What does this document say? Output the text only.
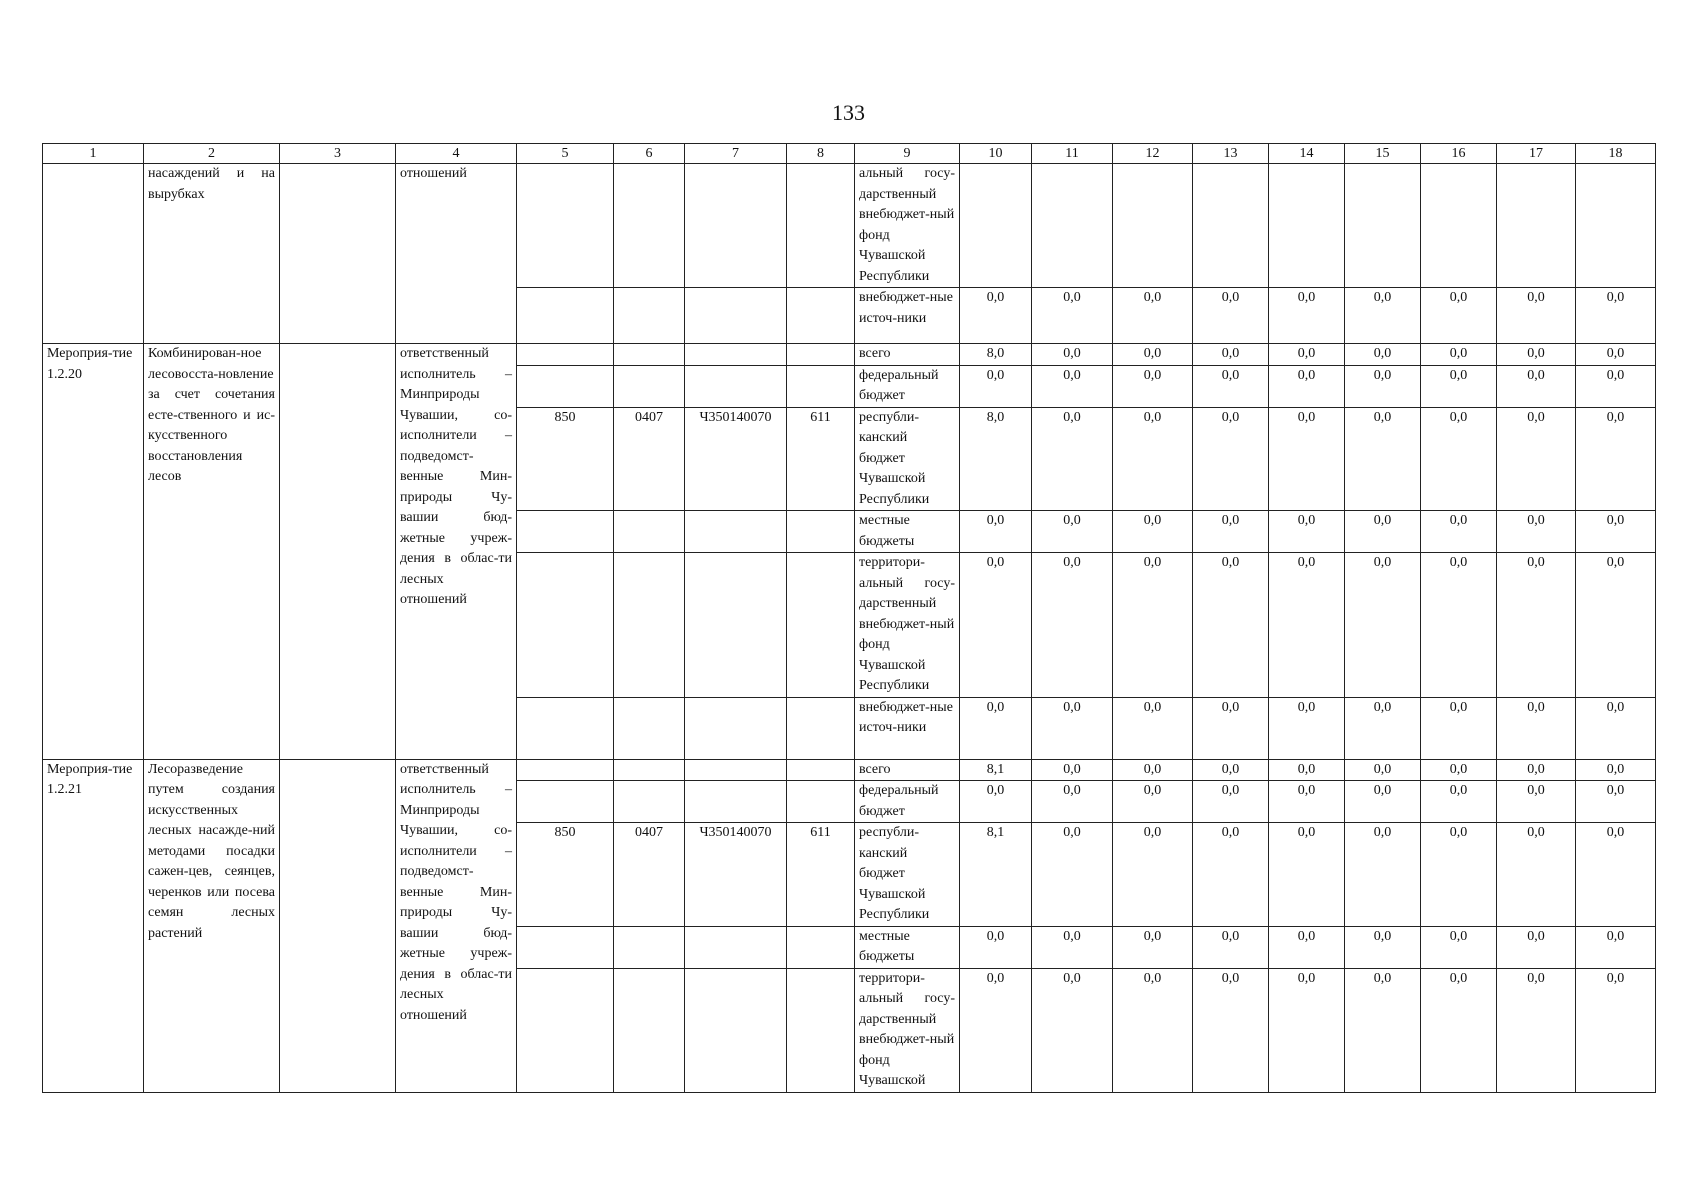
133
1	2	3	4	5	6	7	8	9	10	11	12	13	14	15	16	17	18
	насаждений и на вырубках		отношений					альный госу-дарственный внебюджет-ный фонд Чувашской Республики									
								внебюджет-ные источ-ники	0,0	0,0	0,0	0,0	0,0	0,0	0,0	0,0	0,0
Мероприя-тие 1.2.20	Комбинирован-ное лесовосста-новление за счет сочетания есте-ственного и ис-кусственного восстановления лесов		ответственный исполнитель – Минприроды Чувашии, со-исполнители – подведомст-венные Мин-природы Чу-вашии бюд-жетные учреж-дения в облас-ти лесных отношений					всего	8,0	0,0	0,0	0,0	0,0	0,0	0,0	0,0	0,0
								федеральный бюджет	0,0	0,0	0,0	0,0	0,0	0,0	0,0	0,0	0,0
				850	0407	Ч350140070	611	республи-канский бюджет Чувашской Республики	8,0	0,0	0,0	0,0	0,0	0,0	0,0	0,0	0,0
								местные бюджеты	0,0	0,0	0,0	0,0	0,0	0,0	0,0	0,0	0,0
								территори-альный госу-дарственный внебюджет-ный фонд Чувашской Республики	0,0	0,0	0,0	0,0	0,0	0,0	0,0	0,0	0,0
								внебюджет-ные источ-ники	0,0	0,0	0,0	0,0	0,0	0,0	0,0	0,0	0,0
Мероприя-тие 1.2.21	Лесоразведение путем создания искусственных лесных насажде-ний методами посадки сажен-цев, сеянцев, черенков или посева семян лесных растений		ответственный исполнитель – Минприроды Чувашии, со-исполнители – подведомст-венные Мин-природы Чу-вашии бюд-жетные учреж-дения в облас-ти лесных отношений					всего	8,1	0,0	0,0	0,0	0,0	0,0	0,0	0,0	0,0
								федеральный бюджет	0,0	0,0	0,0	0,0	0,0	0,0	0,0	0,0	0,0
				850	0407	Ч350140070	611	республи-канский бюджет Чувашской Республики	8,1	0,0	0,0	0,0	0,0	0,0	0,0	0,0	0,0
								местные бюджеты	0,0	0,0	0,0	0,0	0,0	0,0	0,0	0,0	0,0
								территори-альный госу-дарственный внебюджет-ный фонд Чувашской	0,0	0,0	0,0	0,0	0,0	0,0	0,0	0,0	0,0
